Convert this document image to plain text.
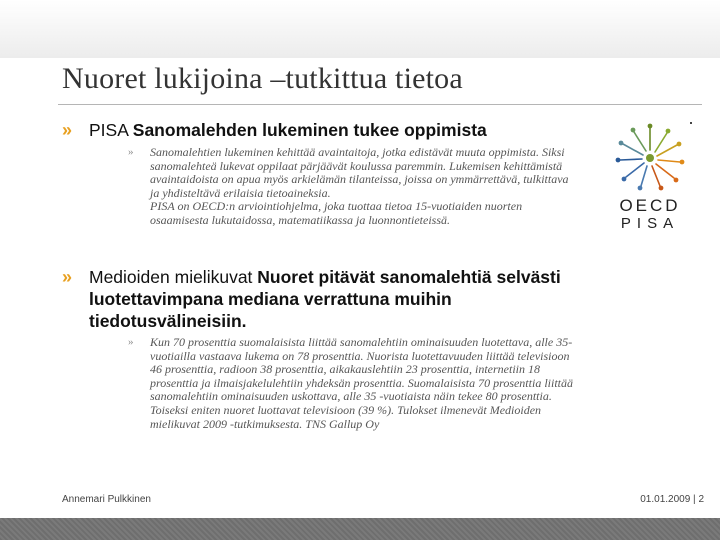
Nuoret lukijoina –tutkittua tietoa
» PISA Sanomalehden lukeminen tukee oppimista
»	Sanomalehtien lukeminen kehittää avaintaitoja, jotka edistävät muuta oppimista. Siksi sanomalehteä lukevat oppilaat pärjäävät koulussa paremmin. Lukemisen kehittämistä avaintaidoista on apua myös arkielämän tilanteissa, joissa on ymmärrettävä, tulkittava ja yhdisteltävä erilaisia tietoaineksia.
PISA on OECD:n arviointiohjelma, joka tuottaa tietoa 15-vuotiaiden nuorten osaamisesta lukutaidossa, matematiikassa ja luonnontieteissä.
» Medioiden mielikuvat Nuoret pitävät sanomalehtiä selvästi luotettavimpana mediana verrattuna muihin tiedotusvälineisiin.
»	Kun 70 prosenttia suomalaisista liittää sanomalehtiin ominaisuuden luotettava, alle 35-vuotiailla vastaava lukema on 78 prosenttia. Nuorista luotettavuuden liittää televisioon 46 prosenttia, radioon 38 prosenttia, aikakauslehtiin 23 prosenttia, internetiin 18 prosenttia ja ilmaisjakelulehtiin yhdeksän prosenttia. Suomalaisista 70 prosenttia liittää sanomalehtiin ominaisuuden uskottava, alle 35 -vuotiaista näin tekee 80 prosenttia. Toiseksi eniten nuoret luottavat televisioon (39 %). Tulokset ilmenevät Medioiden mielikuvat 2009 -tutkimuksesta. TNS Gallup Oy
OECD
PISA
Annemari Pulkkinen	01.01.2009 | 2
